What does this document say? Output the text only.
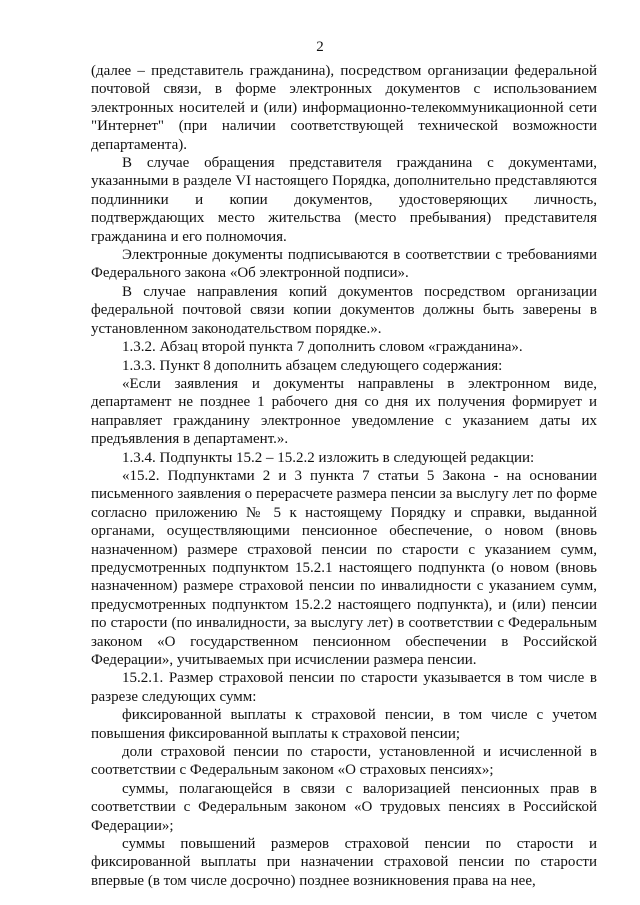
2

(далее – представитель гражданина), посредством организации федеральной почтовой связи, в форме электронных документов с использованием электронных носителей и (или) информационно-телекоммуникационной сети "Интернет" (при наличии соответствующей технической возможности департамента).

В случае обращения представителя гражданина с документами, указанными в разделе VI настоящего Порядка, дополнительно представляются подлинники и копии документов, удостоверяющих личность, подтверждающих место жительства (место пребывания) представителя гражданина и его полномочия.

Электронные документы подписываются в соответствии с требованиями Федерального закона «Об электронной подписи».

В случае направления копий документов посредством организации федеральной почтовой связи копии документов должны быть заверены в установленном законодательством порядке.».

1.3.2. Абзац второй пункта 7 дополнить словом «гражданина».

1.3.3. Пункт 8 дополнить абзацем следующего содержания:

«Если заявления и документы направлены в электронном виде, департамент не позднее 1 рабочего дня со дня их получения формирует и направляет гражданину электронное уведомление с указанием даты их предъявления в департамент.».

1.3.4. Подпункты 15.2 – 15.2.2 изложить в следующей редакции:

«15.2. Подпунктами 2 и 3 пункта 7 статьи 5 Закона - на основании письменного заявления о перерасчете размера пенсии за выслугу лет по форме согласно приложению № 5 к настоящему Порядку и справки, выданной органами, осуществляющими пенсионное обеспечение, о новом (вновь назначенном) размере страховой пенсии по старости с указанием сумм, предусмотренных подпунктом 15.2.1 настоящего подпункта (о новом (вновь назначенном) размере страховой пенсии по инвалидности с указанием сумм, предусмотренных подпунктом 15.2.2 настоящего подпункта), и (или) пенсии по старости (по инвалидности, за выслугу лет) в соответствии с Федеральным законом «О государственном пенсионном обеспечении в Российской Федерации», учитываемых при исчислении размера пенсии.

15.2.1. Размер страховой пенсии по старости указывается в том числе в разрезе следующих сумм:

фиксированной выплаты к страховой пенсии, в том числе с учетом повышения фиксированной выплаты к страховой пенсии;

доли страховой пенсии по старости, установленной и исчисленной в соответствии с Федеральным законом «О страховых пенсиях»;

суммы, полагающейся в связи с валоризацией пенсионных прав в соответствии с Федеральным законом «О трудовых пенсиях в Российской Федерации»;

суммы повышений размеров страховой пенсии по старости и фиксированной выплаты при назначении страховой пенсии по старости впервые (в том числе досрочно) позднее возникновения права на нее,
